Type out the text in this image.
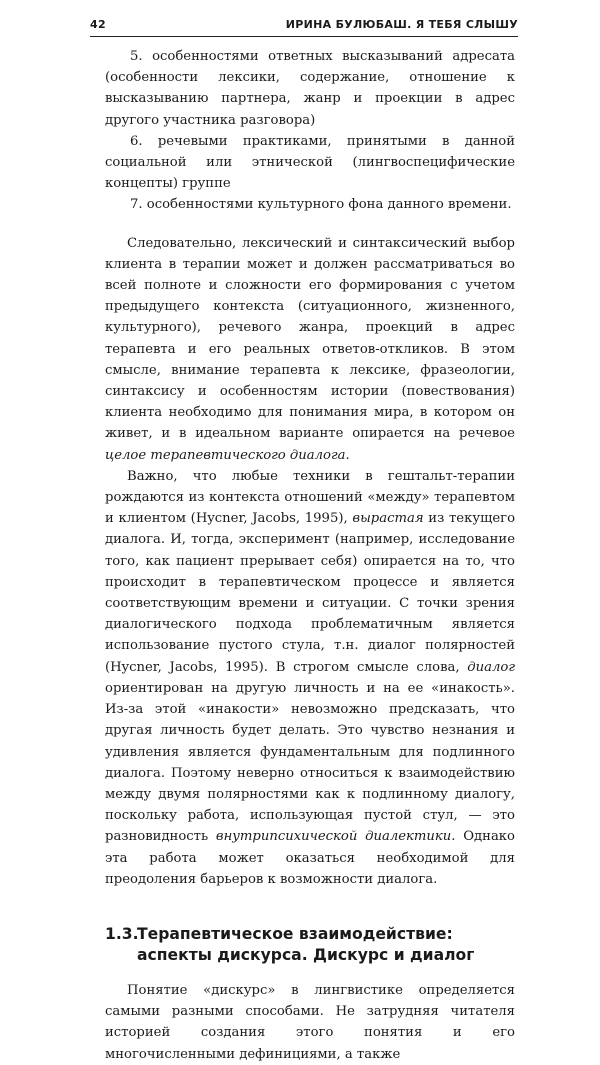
42	ИРИНА БУЛЮБАШ. Я ТЕБЯ СЛЫШУ

5. особенностями ответных высказываний адресата (особенности лексики, содержание, отношение к высказыванию партнера, жанр и проекции в адрес другого участника разговора)

6. речевыми практиками, принятыми в данной социальной или этнической (лингвоспецифические концепты) группе

7. особенностями культурного фона данного времени.

Следовательно, лексический и синтаксический выбор клиента в терапии может и должен рассматриваться во всей полноте и сложности его формирования с учетом предыдущего контекста (ситуационного, жизненного, культурного), речевого жанра, проекций в адрес терапевта и его реальных ответов-откликов. В этом смысле, внимание терапевта к лексике, фразеологии, синтаксису и особенностям истории (повествования) клиента необходимо для понимания мира, в котором он живет, и в идеальном варианте опирается на речевое целое терапевтического диалога.

Важно, что любые техники в гештальт-терапии рождаются из контекста отношений «между» терапевтом и клиентом (Hycner, Jacobs, 1995), вырастая из текущего диалога. И, тогда, эксперимент (например, исследование того, как пациент прерывает себя) опирается на то, что происходит в терапевтическом процессе и является соответствующим времени и ситуации. С точки зрения диалогического подхода проблематичным является использование пустого стула, т.н. диалог полярностей (Hycner, Jacobs, 1995). В строгом смысле слова, диалог ориентирован на другую личность и на ее «инакость». Из-за этой «инакости» невозможно предсказать, что другая личность будет делать. Это чувство незнания и удивления является фундаментальным для подлинного диалога. Поэтому неверно относиться к взаимодействию между двумя полярностями как к подлинному диалогу, поскольку работа, использующая пустой стул, — это разновидность внутрипсихической диалектики. Однако эта работа может оказаться необходимой для преодоления барьеров к возможности диалога.

1.3.
Терапевтическое взаимодействие: аспекты дискурса. Дискурс и диалог

Понятие «дискурс» в лингвистике определяется самыми разными способами. Не затрудняя читателя историей создания этого понятия и его многочисленными дефинициями, а также
